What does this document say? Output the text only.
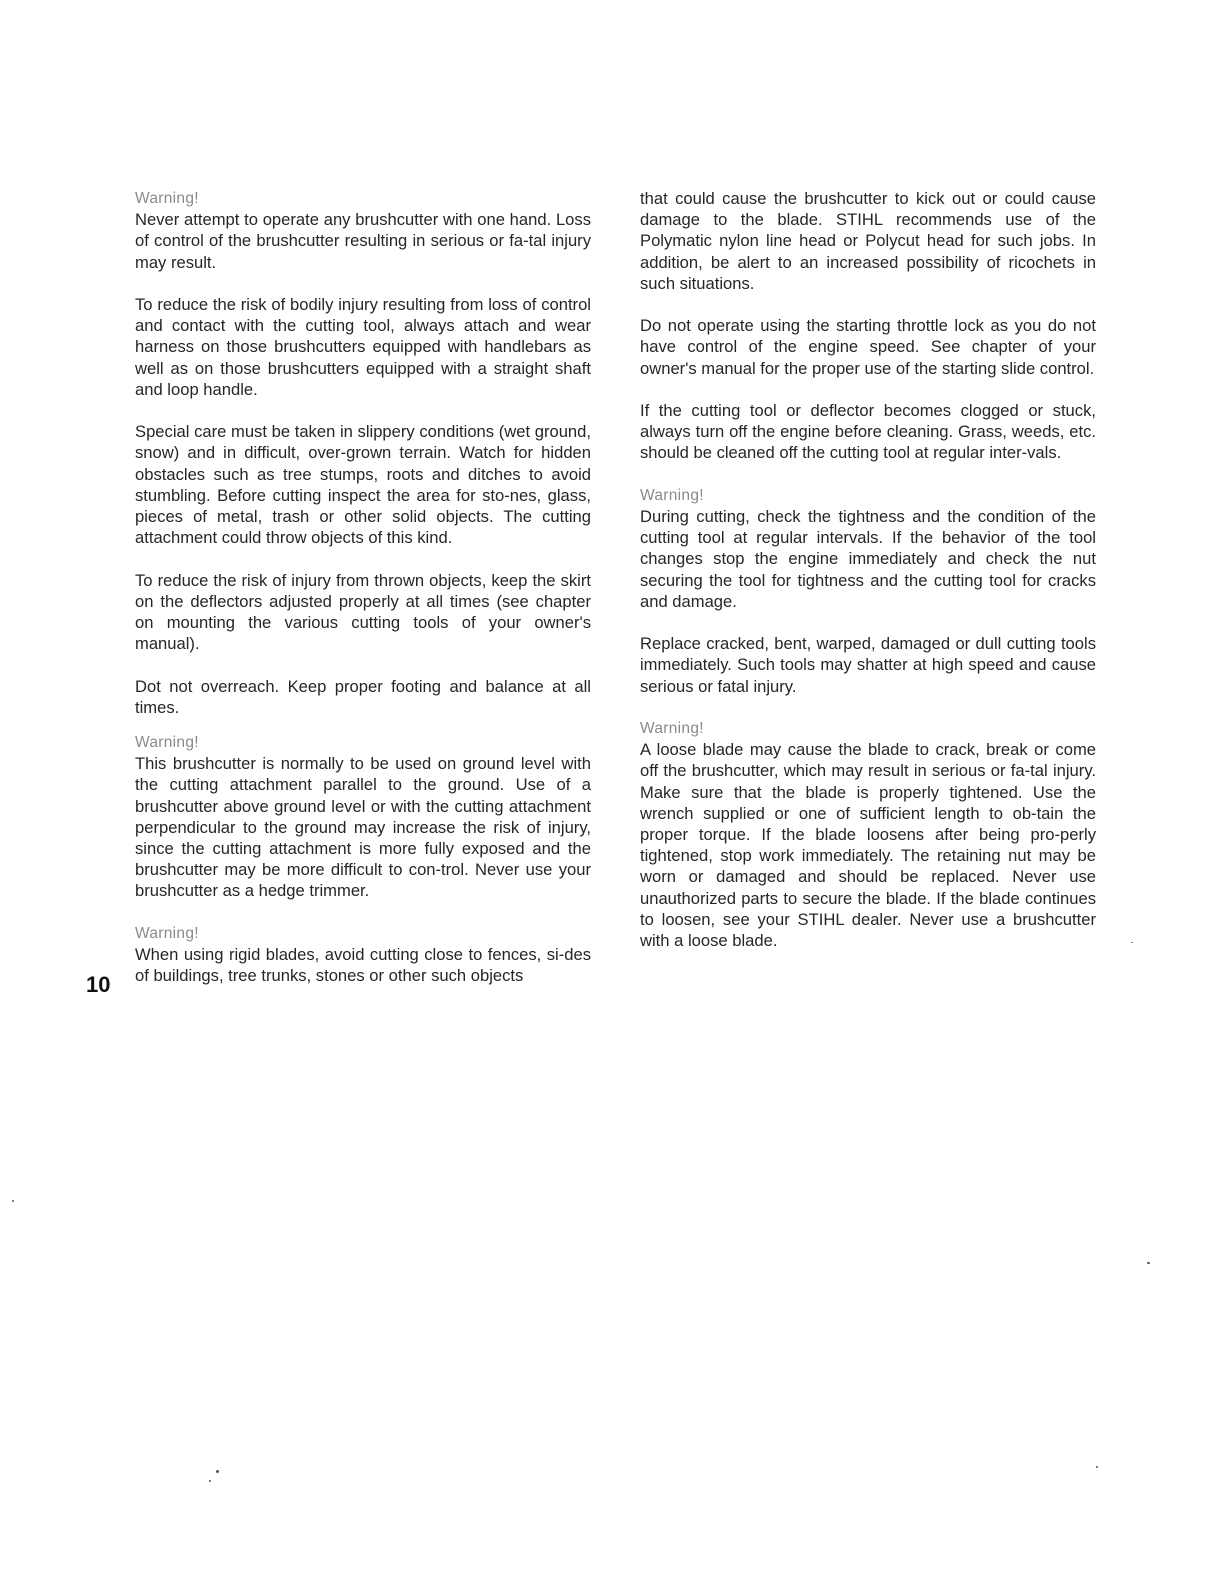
Warning!

Never attempt to operate any brushcutter with one hand. Loss of control of the brushcutter resulting in serious or fa-tal injury may result.

To reduce the risk of bodily injury resulting from loss of control and contact with the cutting tool, always attach and wear harness on those brushcutters equipped with handlebars as well as on those brushcutters equipped with a straight shaft and loop handle.

Special care must be taken in slippery conditions (wet ground, snow) and in difficult, over-grown terrain. Watch for hidden obstacles such as tree stumps, roots and ditches to avoid stumbling. Before cutting inspect the area for sto-nes, glass, pieces of metal, trash or other solid objects. The cutting attachment could throw objects of this kind.

To reduce the risk of injury from thrown objects, keep the skirt on the deflectors adjusted properly at all times (see chapter on mounting the various cutting tools of your owner's manual).

Dot not overreach. Keep proper footing and balance at all times.

Warning!

This brushcutter is normally to be used on ground level with the cutting attachment parallel to the ground. Use of a brushcutter above ground level or with the cutting attachment perpendicular to the ground may increase the risk of injury, since the cutting attachment is more fully exposed and the brushcutter may be more difficult to con-trol. Never use your brushcutter as a hedge trimmer.

Warning!

When using rigid blades, avoid cutting close to fences, si-des of buildings, tree trunks, stones or other such objects

that could cause the brushcutter to kick out or could cause damage to the blade. STIHL recommends use of the Polymatic nylon line head or Polycut head for such jobs. In addition, be alert to an increased possibility of ricochets in such situations.

Do not operate using the starting throttle lock as you do not have control of the engine speed. See chapter of your owner's manual for the proper use of the starting slide control.

If the cutting tool or deflector becomes clogged or stuck, always turn off the engine before cleaning. Grass, weeds, etc. should be cleaned off the cutting tool at regular inter-vals.

Warning!

During cutting, check the tightness and the condition of the cutting tool at regular intervals. If the behavior of the tool changes stop the engine immediately and check the nut securing the tool for tightness and the cutting tool for cracks and damage.

Replace cracked, bent, warped, damaged or dull cutting tools immediately. Such tools may shatter at high speed and cause serious or fatal injury.

Warning!

A loose blade may cause the blade to crack, break or come off the brushcutter, which may result in serious or fa-tal injury. Make sure that the blade is properly tightened. Use the wrench supplied or one of sufficient length to ob-tain the proper torque. If the blade loosens after being pro-perly tightened, stop work immediately. The retaining nut may be worn or damaged and should be replaced. Never use unauthorized parts to secure the blade. If the blade continues to loosen, see your STIHL dealer. Never use a brushcutter with a loose blade.

10
